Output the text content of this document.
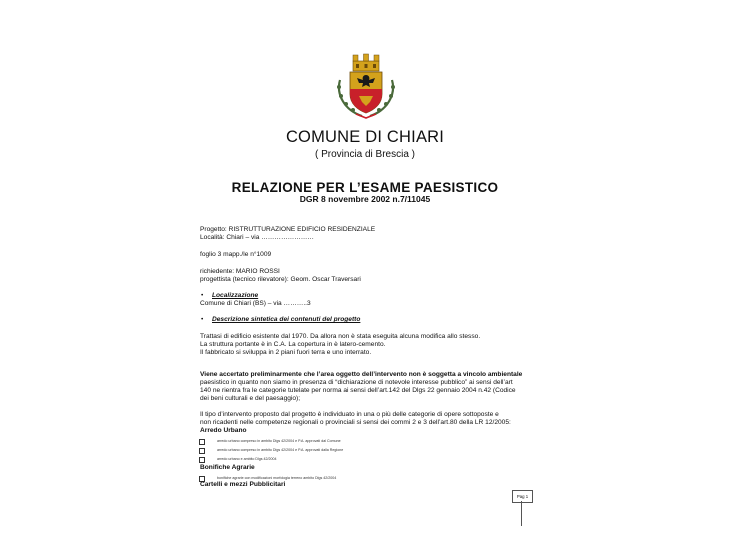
COMUNE DI CHIARI
( Provincia di Brescia )
RELAZIONE PER L’ESAME PAESISTICO
DGR 8 novembre 2002 n.7/11045
Progetto: RISTRUTTURAZIONE EDIFICIO RESIDENZIALE
Località: Chiari – via ……………………
foglio 3 mapp./le n°1009
richiedente: MARIO ROSSI
progettista (tecnico rilevatore): Geom. Oscar Traversari
• Localizzazione
Comune di Chiari (BS) – via ………..3
• Descrizione sintetica dei contenuti del progetto
Trattasi di edificio esistente dal 1970. Da allora non è stata eseguita alcuna modifica allo stesso.
La struttura portante è in C.A. La copertura in è latero-cemento.
Il fabbricato si sviluppa in 2 piani fuori terra e uno interrato.
Viene accertato preliminarmente che l’area oggetto dell’intervento non è soggetta a vincolo ambientale
paesistico in quanto non siamo in presenza di “dichiarazione di notevole interesse pubblico” ai sensi dell’art
140 ne rientra fra le categorie tutelate per norma ai sensi dell’art.142 del Dlgs 22 gennaio 2004 n.42 (Codice
dei beni culturali e del paesaggio);
Il tipo d’intervento proposto dal progetto è individuato in una o più delle categorie di opere sottoposte e
non ricadenti nelle competenze regionali o provinciali si sensi dei commi 2 e 3 dell’art.80 della LR 12/2005:
Arredo Urbano
arredo urbano compreso in ambito Dlgs 42/2004 e P.A. approvati dal Comune
arredo urbano compreso in ambito Dlgs 42/2004 e P.A. approvati dalla Regione
arredo urbano e ambito Dlgs 42/2004
Bonifiche Agrarie
bonifiche agrarie con modificazioni morfologia terreno ambito Dlgs 42/2004
Cartelli e mezzi Pubblicitari
Pag 1
